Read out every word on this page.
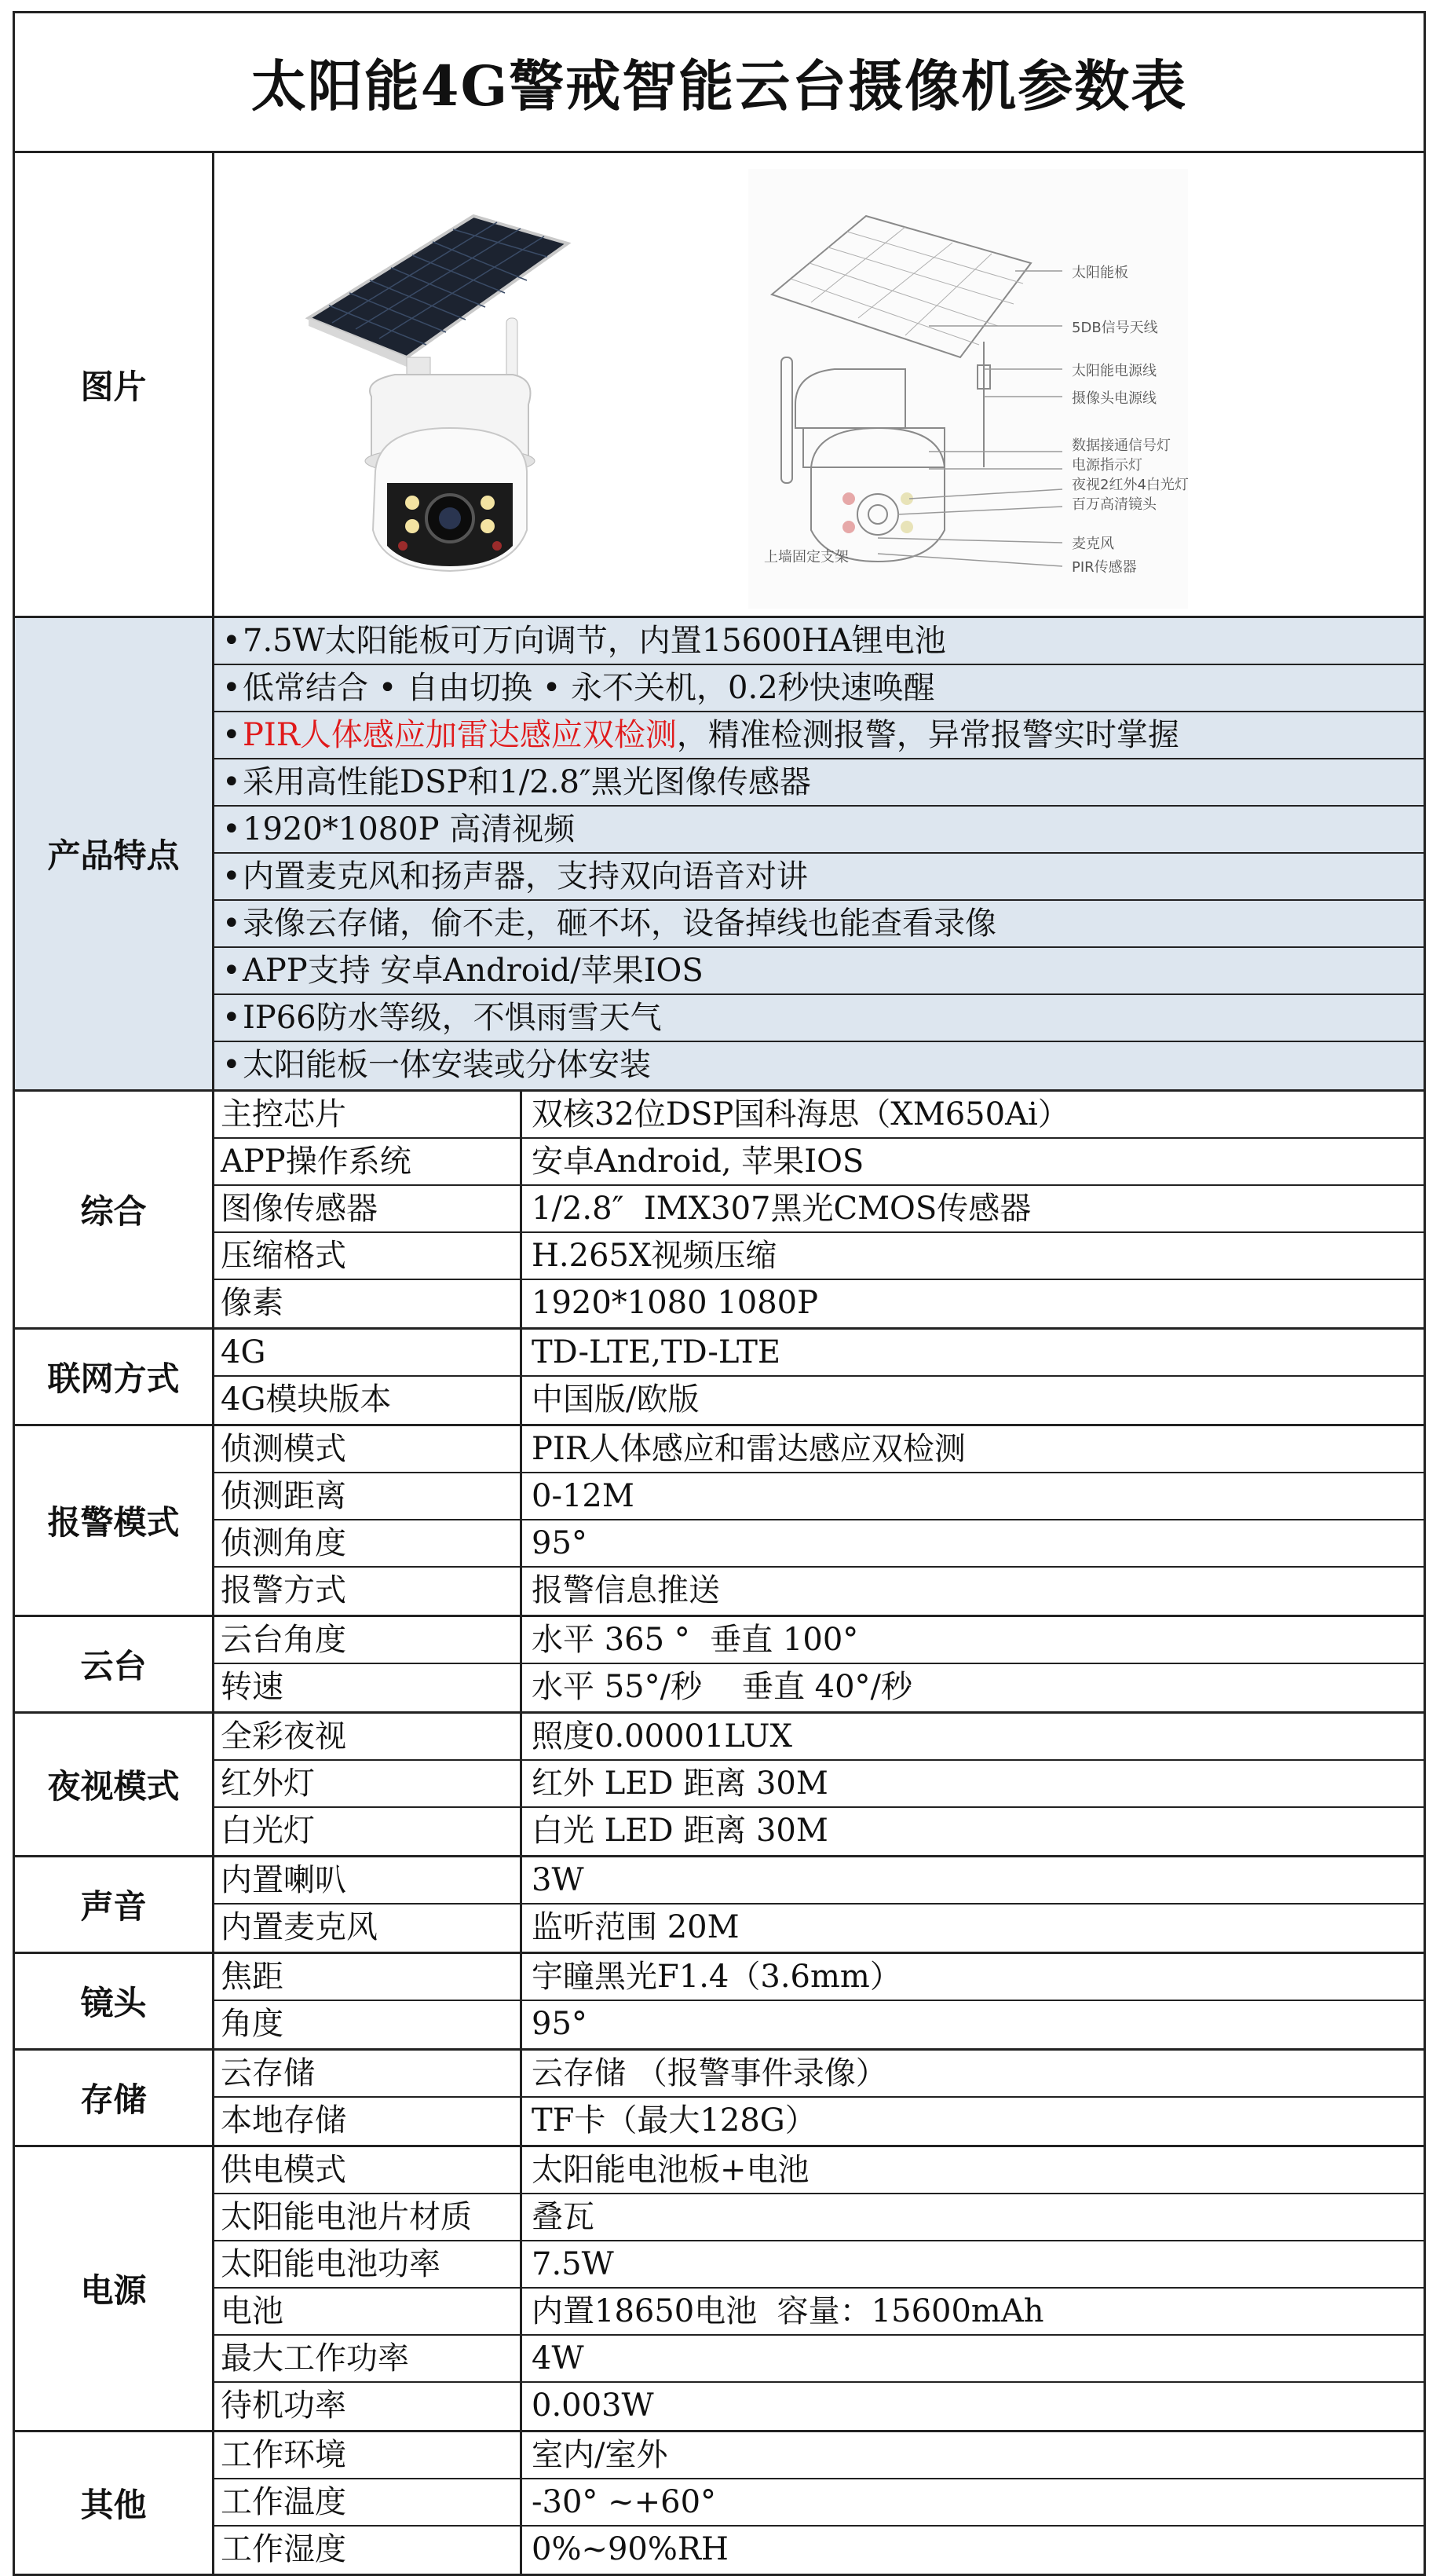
太阳能4G警戒智能云台摄像机参数表
图片
太阳能板
5DB信号天线
太阳能电源线
摄像头电源线
数据接通信号灯
电源指示灯
夜视2红外4白光灯
百万高清镜头
麦克风
PIR传感器
上墙固定支架
产品特点
•7.5W太阳能板可万向调节，内置15600HA锂电池
•低常结合 • 自由切换 • 永不关机，0.2秒快速唤醒
•PIR人体感应加雷达感应双检测，精准检测报警，异常报警实时掌握
•采用高性能DSP和1/2.8″黑光图像传感器
•1920*1080P 高清视频
•内置麦克风和扬声器，支持双向语音对讲
•录像云存储，偷不走，砸不坏，设备掉线也能查看录像
•APP支持 安卓Android/苹果IOS
•IP66防水等级，不惧雨雪天气
•太阳能板一体安装或分体安装
综合
主控芯片	双核32位DSP国科海思（XM650Ai）
APP操作系统	安卓Android, 苹果IOS
图像传感器	1/2.8″  IMX307黑光CMOS传感器
压缩格式	H.265X视频压缩
像素	1920*1080 1080P
联网方式
4G	TD-LTE,TD-LTE
4G模块版本	中国版/欧版
报警模式
侦测模式	PIR人体感应和雷达感应双检测
侦测距离	0-12M
侦测角度	95°
报警方式	报警信息推送
云台
云台角度	水平 365 °  垂直 100°
转速	水平 55°/秒    垂直 40°/秒
夜视模式
全彩夜视	照度0.00001LUX
红外灯	红外 LED 距离 30M
白光灯	白光 LED 距离 30M
声音
内置喇叭	3W
内置麦克风	监听范围 20M
镜头
焦距	宇瞳黑光F1.4（3.6mm）
角度	95°
存储
云存储	云存储 （报警事件录像）
本地存储	TF卡（最大128G）
电源
供电模式	太阳能电池板+电池
太阳能电池片材质	叠瓦
太阳能电池功率	7.5W
电池	内置18650电池  容量：15600mAh
最大工作功率	4W
待机功率	0.003W
其他
工作环境	室内/室外
工作温度	-30° ~+60°
工作湿度	0%~90%RH
